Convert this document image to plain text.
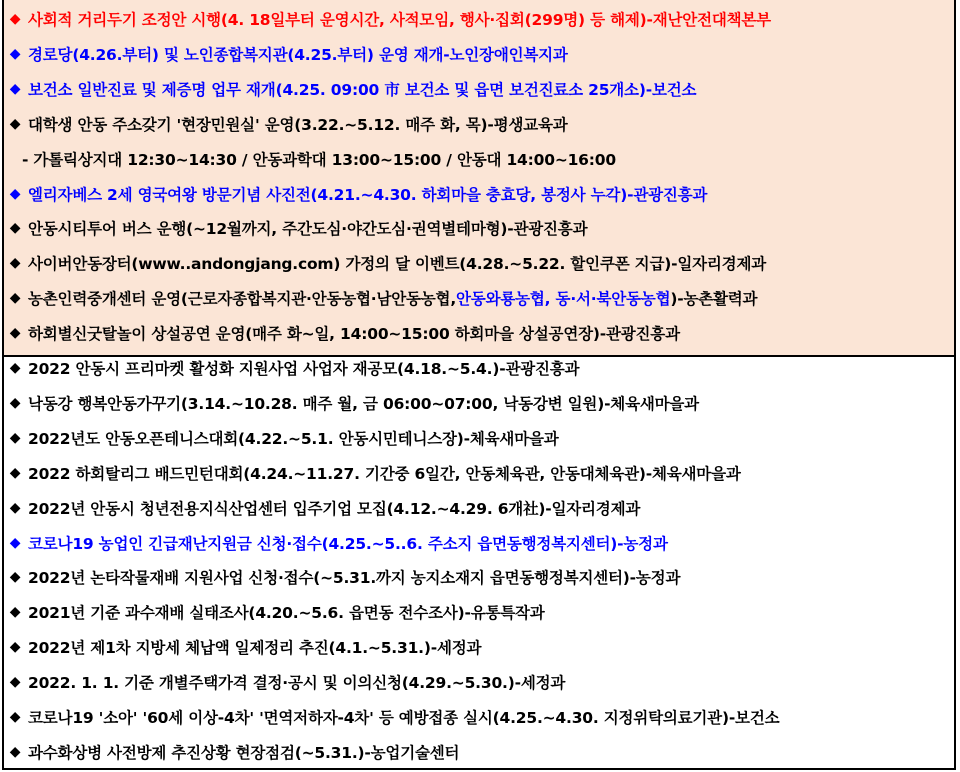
◆ 사회적 거리두기 조정안 시행(4. 18일부터 운영시간, 사적모임, 행사·집회(299명) 등 해제)-재난안전대책본부
◆ 경로당(4.26.부터) 및 노인종합복지관(4.25.부터) 운영 재개-노인장애인복지과
◆ 보건소 일반진료 및 제증명 업무 재개(4.25. 09:00 市 보건소 및 읍면 보건진료소 25개소)-보건소
◆ 대학생 안동 주소갖기 '현장민원실' 운영(3.22.~5.12. 매주 화, 목)-평생교육과
- 가톨릭상지대 12:30~14:30 / 안동과학대 13:00~15:00 / 안동대 14:00~16:00
◆ 엘리자베스 2세 영국여왕 방문기념 사진전(4.21.~4.30. 하회마을 충효당, 봉정사 누각)-관광진흥과
◆ 안동시티투어 버스 운행(~12월까지, 주간도심·야간도심·권역별테마형)-관광진흥과
◆ 사이버안동장터(www..andongjang.com) 가정의 달 이벤트(4.28.~5.22. 할인쿠폰 지급)-일자리경제과
◆ 농촌인력중개센터 운영(근로자종합복지관·안동농협·남안동농협, 안동와룡농협, 동·서·북안동농협 )-농촌활력과
◆ 하회별신굿탈놀이 상설공연 운영(매주 화~일, 14:00~15:00 하회마을 상설공연장)-관광진흥과
◆ 2022 안동시 프리마켓 활성화 지원사업 사업자 재공모(4.18.~5.4.)-관광진흥과
◆ 낙동강 행복안동가꾸기(3.14.~10.28. 매주 월, 금 06:00~07:00, 낙동강변 일원)-체육새마을과
◆ 2022년도 안동오픈테니스대회(4.22.~5.1. 안동시민테니스장)-체육새마을과
◆ 2022 하회탈리그 배드민턴대회(4.24.~11.27. 기간중 6일간, 안동체육관, 안동대체육관)-체육새마을과
◆ 2022년 안동시 청년전용지식산업센터 입주기업 모집(4.12.~4.29. 6개社)-일자리경제과
◆ 코로나19 농업인 긴급재난지원금 신청·접수(4.25.~5..6. 주소지 읍면동행정복지센터)-농정과
◆ 2022년 논타작물재배 지원사업 신청·접수(~5.31.까지 농지소재지 읍면동행정복지센터)-농정과
◆ 2021년 기준 과수재배 실태조사(4.20.~5.6. 읍면동 전수조사)-유통특작과
◆ 2022년 제1차 지방세 체납액 일제정리 추진(4.1.~5.31.)-세정과
◆ 2022. 1. 1. 기준 개별주택가격 결정·공시 및 이의신청(4.29.~5.30.)-세정과
◆ 코로나19 '소아' '60세 이상-4차' '면역저하자-4차' 등 예방접종 실시(4.25.~4.30. 지정위탁의료기관)-보건소
◆ 과수화상병 사전방제 추진상황 현장점검(~5.31.)-농업기술센터
